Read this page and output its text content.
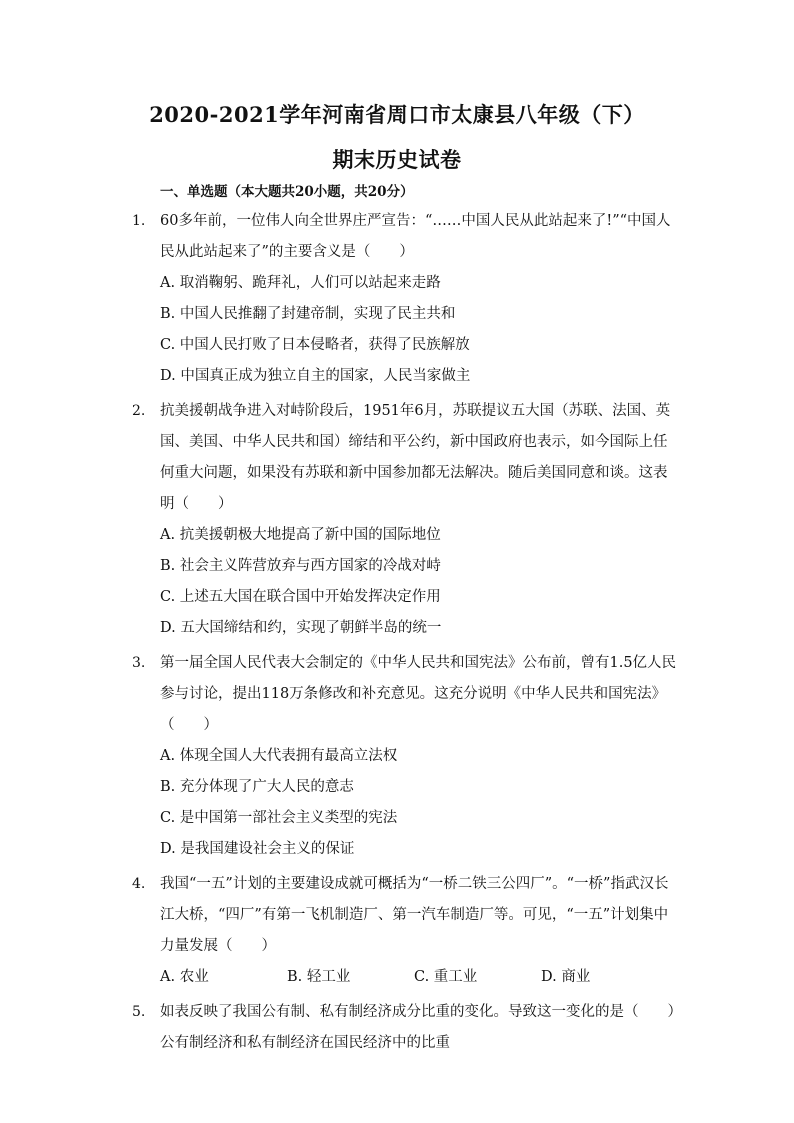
2020-2021学年河南省周口市太康县八年级（下）
期末历史试卷
一、单选题（本大题共20小题，共20分）
1. 60多年前，一位伟人向全世界庄严宣告：“……中国人民从此站起来了!”“中国人民从此站起来了”的主要含义是（　　）
A. 取消鞠躬、跪拜礼，人们可以站起来走路
B. 中国人民推翻了封建帝制，实现了民主共和
C. 中国人民打败了日本侵略者，获得了民族解放
D. 中国真正成为独立自主的国家，人民当家做主
2. 抗美援朝战争进入对峙阶段后，1951年6月，苏联提议五大国（苏联、法国、英国、美国、中华人民共和国）缔结和平公约，新中国政府也表示，如今国际上任何重大问题，如果没有苏联和新中国参加都无法解决。随后美国同意和谈。这表明（　　）
A. 抗美援朝极大地提高了新中国的国际地位
B. 社会主义阵营放弃与西方国家的冷战对峙
C. 上述五大国在联合国中开始发挥决定作用
D. 五大国缔结和约，实现了朝鲜半岛的统一
3. 第一届全国人民代表大会制定的《中华人民共和国宪法》公布前，曾有1.5亿人民参与讨论，提出118万条修改和补充意见。这充分说明《中华人民共和国宪法》（　　）
A. 体现全国人大代表拥有最高立法权
B. 充分体现了广大人民的意志
C. 是中国第一部社会主义类型的宪法
D. 是我国建设社会主义的保证
4. 我国“一五”计划的主要建设成就可概括为“一桥二铁三公四厂”。“一桥”指武汉长江大桥，“四厂”有第一飞机制造厂、第一汽车制造厂等。可见，“一五”计划集中力量发展（　　）
A. 农业	B. 轻工业	C. 重工业	D. 商业
5. 如表反映了我国公有制、私有制经济成分比重的变化。导致这一变化的是（　　）
公有制经济和私有制经济在国民经济中的比重
